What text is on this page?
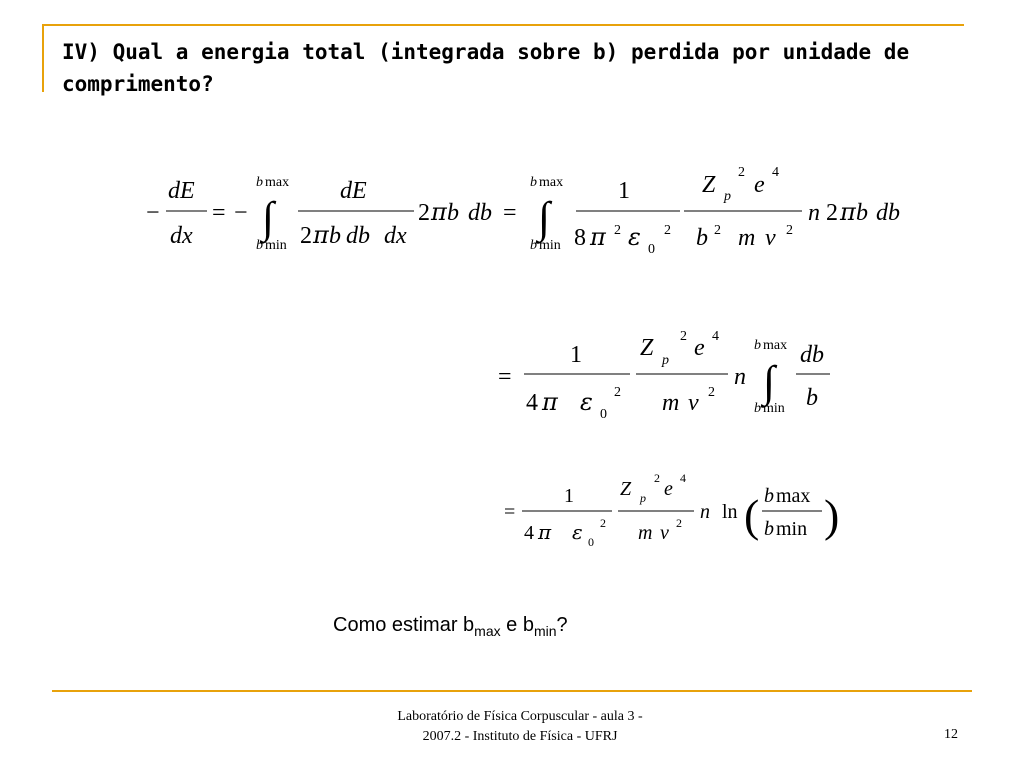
IV) Qual a energia total (integrada sobre b) perdida por unidade de comprimento?
−
dE
dx
= −
b max
∫
b min
dE
2 π b db dx
2 π b db =
b max
∫
b min
1
8 π 2 ε 0
2
Z p
2 e 4
b 2 m v 2
n 2 π b db
=
1
4 π ε 0
2
Z p
2 e 4
m v 2
n
b max
∫
b min
db
b
=
1
4 π ε 0
2
Z p
2 e 4
m v 2 n ln ( b max
b min )
Como estimar $b_{max}$ e $b_{min}$?
Laboratório de Física Corpuscular - aula 3 -
2007.2 - Instituto de Física - UFRJ	12
